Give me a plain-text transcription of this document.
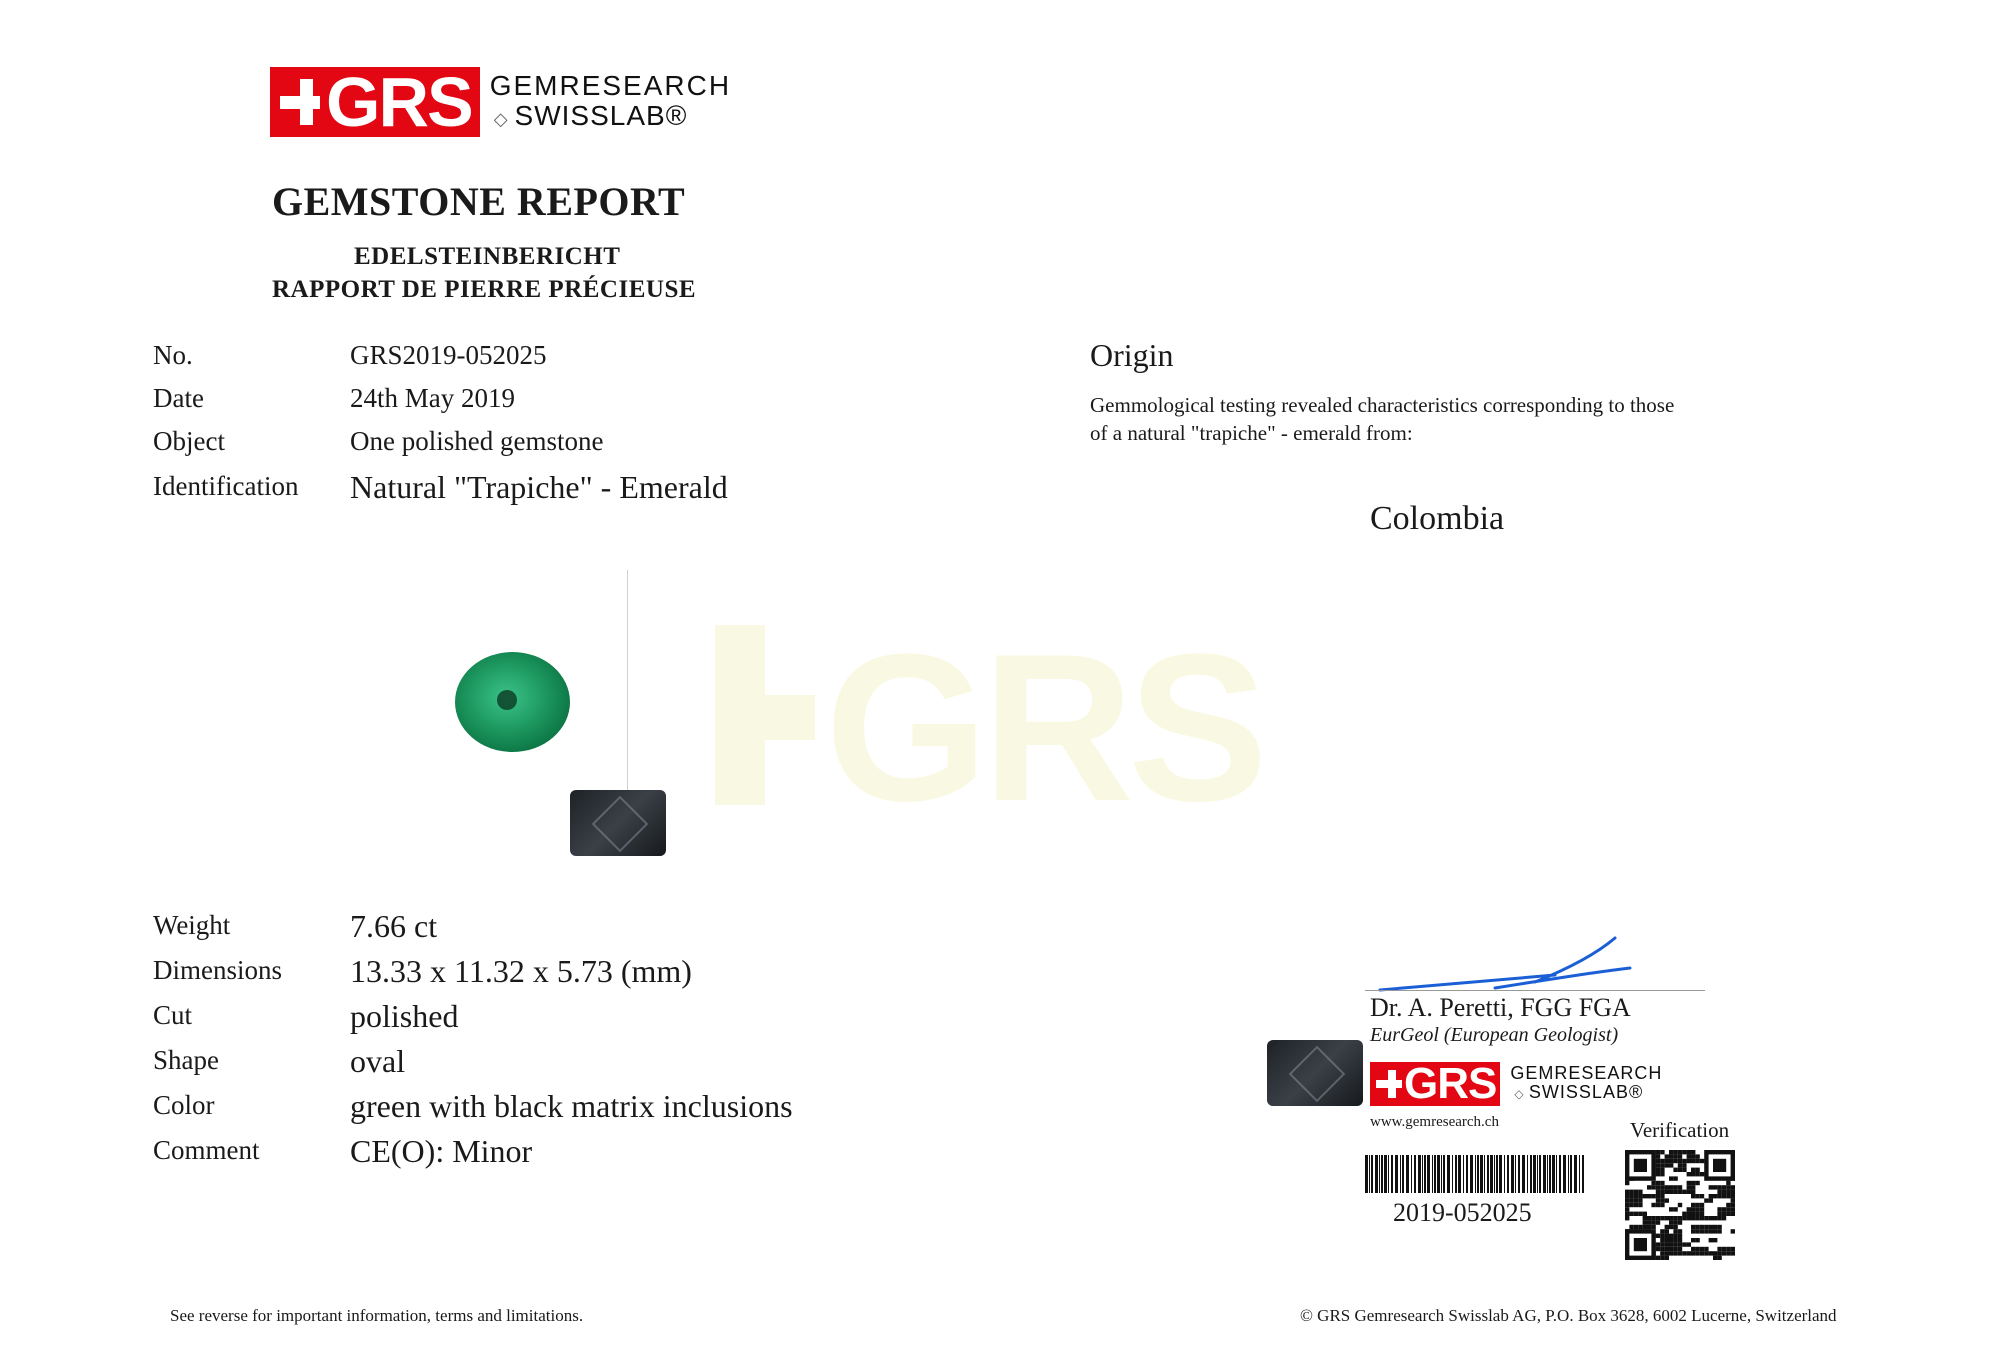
GRS
GRS GEMRESEARCH
◇ SWISSLAB®
GEMSTONE REPORT
EDELSTEINBERICHT
RAPPORT DE PIERRE PRÉCIEUSE
No.	GRS2019-052025
Date	24th May 2019
Object	One polished gemstone
Identification Natural "Trapiche" - Emerald
Weight	7.66 ct
Dimensions 13.33 x 11.32 x 5.73 (mm)
Cut	polished
Shape	oval
Color	green with black matrix inclusions
Comment	CE(O): Minor
Origin
Gemmological testing revealed characteristics corresponding to those
of a natural "trapiche" - emerald from:
Colombia
Dr. A. Peretti, FGG FGA
EurGeol (European Geologist)
GRS GEMRESEARCH
◇ SWISSLAB®
www.gemresearch.ch	Verification
2019-052025
See reverse for important information, terms and limitations.	© GRS Gemresearch Swisslab AG, P.O. Box 3628, 6002 Lucerne, Switzerland
